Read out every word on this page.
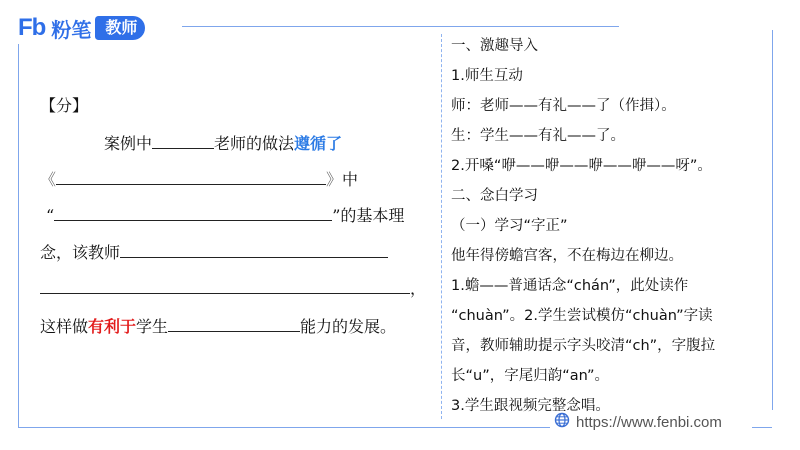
Fb 粉笔 教师
【分】
案例中	老师的做法遵循了
《	》中
“	”的基本理
念，该教师
，
这样做有利于学生	能力的发展。
一、激趣导入
1.师生互动
师：老师——有礼——了（作揖）。
生：学生——有礼——了。
2.开嗓“咿——咿——咿——咿——呀”。
二、念白学习
（一）学习“字正”
他年得傍蟾宫客，不在梅边在柳边。
1.蟾——普通话念“chán”，此处读作
“chuàn”。2.学生尝试模仿“chuàn”字读
音，教师辅助提示字头咬清“ch”，字腹拉
长“u”，字尾归韵“an”。
3.学生跟视频完整念唱。
https://www.fenbi.com
